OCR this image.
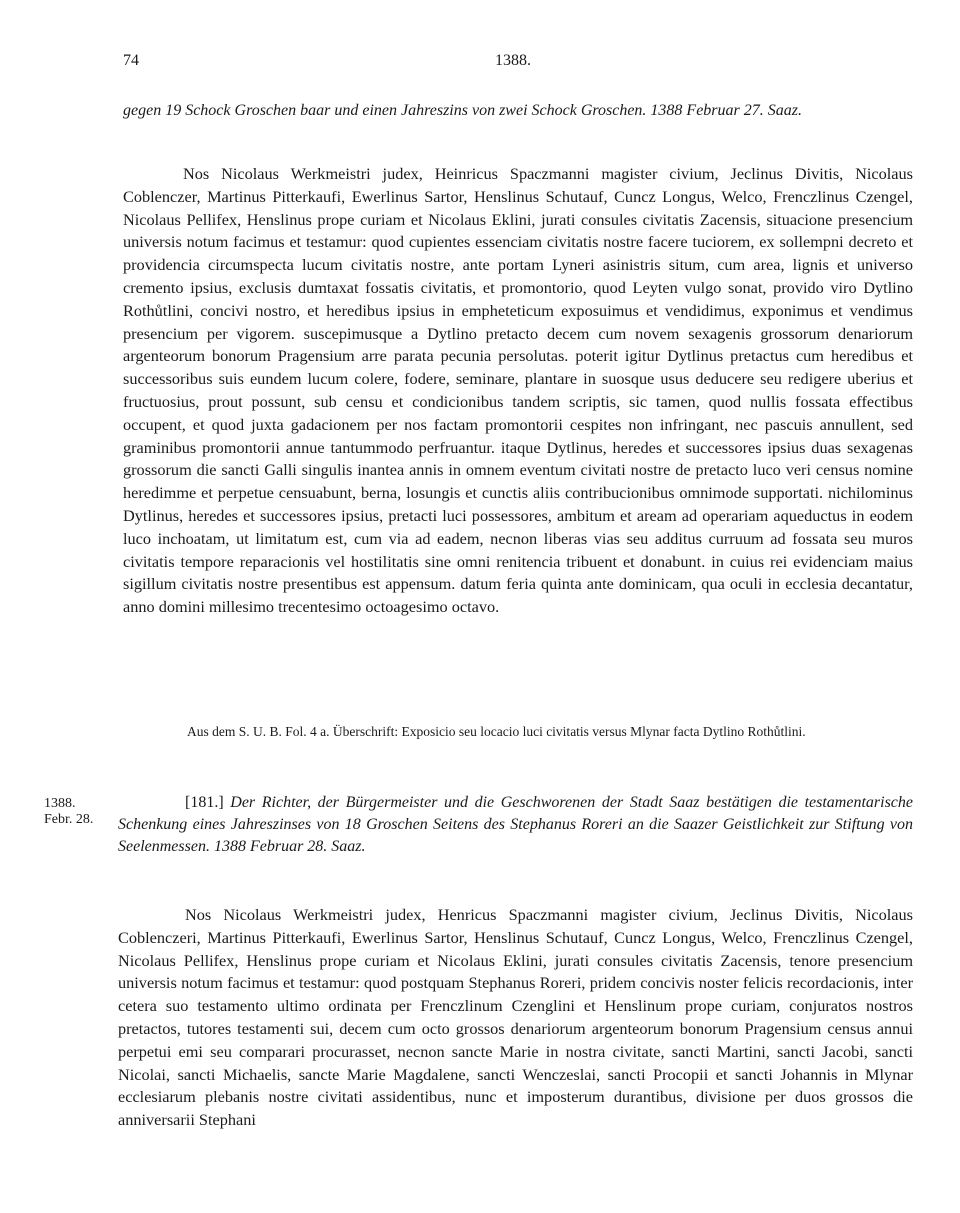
74	1388.
gegen 19 Schock Groschen baar und einen Jahreszins von zwei Schock Groschen. 1388 Februar 27. Saaz.
Nos Nicolaus Werkmeistri judex, Heinricus Spaczmanni magister civium, Jeclinus Divitis, Nicolaus Coblenczer, Martinus Pitterkaufi, Ewerlinus Sartor, Henslinus Schutauf, Cuncz Longus, Welco, Frenczlinus Czengel, Nicolaus Pellifex, Henslinus prope curiam et Nicolaus Eklini, jurati consules civitatis Zacensis, situacione presencium universis notum facimus et testamur: quod cupientes essenciam civitatis nostre facere tuciorem, ex sollempni decreto et providencia circumspecta lucum civitatis nostre, ante portam Lyneri asinistris situm, cum area, lignis et universo cremento ipsius, exclusis dumtaxat fossatis civitatis, et promontorio, quod Leyten vulgo sonat, provido viro Dytlino Rothůtlini, concivi nostro, et heredibus ipsius in empheteticum exposuimus et vendidimus, exponimus et vendimus presencium per vigorem. suscepimusque a Dytlino pretacto decem cum novem sexagenis grossorum denariorum argenteorum bonorum Pragensium arre parata pecunia persolutas. poterit igitur Dytlinus pretactus cum heredibus et successoribus suis eundem lucum colere, fodere, seminare, plantare in suosque usus deducere seu redigere uberius et fructuosius, prout possunt, sub censu et condicionibus tandem scriptis, sic tamen, quod nullis fossata effectibus occupent, et quod juxta gadacionem per nos factam promontorii cespites non infringant, nec pascuis annullent, sed graminibus promontorii annue tantummodo perfruantur. itaque Dytlinus, heredes et successores ipsius duas sexagenas grossorum die sancti Galli singulis inantea annis in omnem eventum civitati nostre de pretacto luco veri census nomine heredimme et perpetue censuabunt, berna, losungis et cunctis aliis contribucionibus omnimode supportati. nichilominus Dytlinus, heredes et successores ipsius, pretacti luci possessores, ambitum et aream ad operariam aqueductus in eodem luco inchoatam, ut limitatum est, cum via ad eadem, necnon liberas vias seu additus curruum ad fossata seu muros civitatis tempore reparacionis vel hostilitatis sine omni renitencia tribuent et donabunt. in cuius rei evidenciam maius sigillum civitatis nostre presentibus est appensum. datum feria quinta ante dominicam, qua oculi in ecclesia decantatur, anno domini millesimo trecentesimo octoagesimo octavo.
Aus dem S. U. B. Fol. 4 a. Überschrift: Exposicio seu locacio luci civitatis versus Mlynar facta Dytlino Rothůtlini.
1388.
Febr. 28.
[181.] Der Richter, der Bürgermeister und die Geschworenen der Stadt Saaz bestätigen die testamentarische Schenkung eines Jahreszinses von 18 Groschen Seitens des Stephanus Roreri an die Saazer Geistlichkeit zur Stiftung von Seelenmessen. 1388 Februar 28. Saaz.
Nos Nicolaus Werkmeistri judex, Henricus Spaczmanni magister civium, Jeclinus Divitis, Nicolaus Coblenczeri, Martinus Pitterkaufi, Ewerlinus Sartor, Henslinus Schutauf, Cuncz Longus, Welco, Frenczlinus Czengel, Nicolaus Pellifex, Henslinus prope curiam et Nicolaus Eklini, jurati consules civitatis Zacensis, tenore presencium universis notum facimus et testamur: quod postquam Stephanus Roreri, pridem concivis noster felicis recordacionis, inter cetera suo testamento ultimo ordinata per Frenczlinum Czenglini et Henslinum prope curiam, conjuratos nostros pretactos, tutores testamenti sui, decem cum octo grossos denariorum argenteorum bonorum Pragensium census annui perpetui emi seu comparari procurasset, necnon sancte Marie in nostra civitate, sancti Martini, sancti Jacobi, sancti Nicolai, sancti Michaelis, sancte Marie Magdalene, sancti Wenczeslai, sancti Procopii et sancti Johannis in Mlynar ecclesiarum plebanis nostre civitati assidentibus, nunc et imposterum durantibus, divisione per duos grossos die anniversarii Stephani
